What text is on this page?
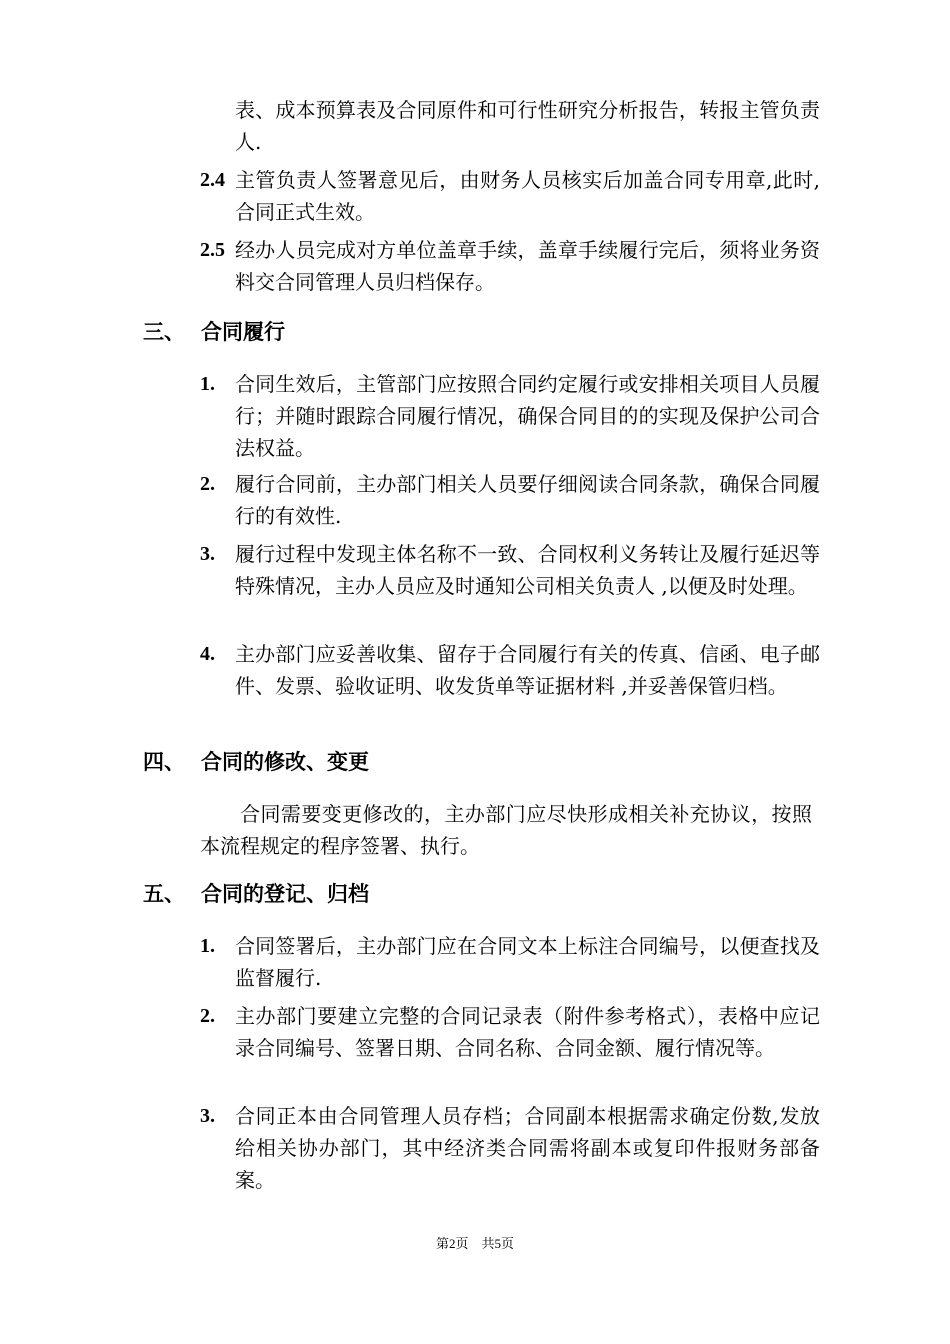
表、成本预算表及合同原件和可行性研究分析报告，转报主管负责人.
2.4 主管负责人签署意见后，由财务人员核实后加盖合同专用章,此时,合同正式生效。
2.5 经办人员完成对方单位盖章手续，盖章手续履行完后，须将业务资料交合同管理人员归档保存。
三、 合同履行
1. 合同生效后，主管部门应按照合同约定履行或安排相关项目人员履行；并随时跟踪合同履行情况，确保合同目的的实现及保护公司合法权益。
2. 履行合同前，主办部门相关人员要仔细阅读合同条款，确保合同履行的有效性.
3. 履行过程中发现主体名称不一致、合同权利义务转让及履行延迟等特殊情况，主办人员应及时通知公司相关负责人 ,以便及时处理。
4. 主办部门应妥善收集、留存于合同履行有关的传真、信函、电子邮件、发票、验收证明、收发货单等证据材料 ,并妥善保管归档。
四、 合同的修改、变更
合同需要变更修改的，主办部门应尽快形成相关补充协议，按照本流程规定的程序签署、执行。
五、 合同的登记、归档
1. 合同签署后，主办部门应在合同文本上标注合同编号，以便查找及监督履行.
2. 主办部门要建立完整的合同记录表（附件参考格式），表格中应记录合同编号、签署日期、合同名称、合同金额、履行情况等。
3. 合同正本由合同管理人员存档；合同副本根据需求确定份数,发放给相关协办部门，其中经济类合同需将副本或复印件报财务部备案。
第2页　共5页
